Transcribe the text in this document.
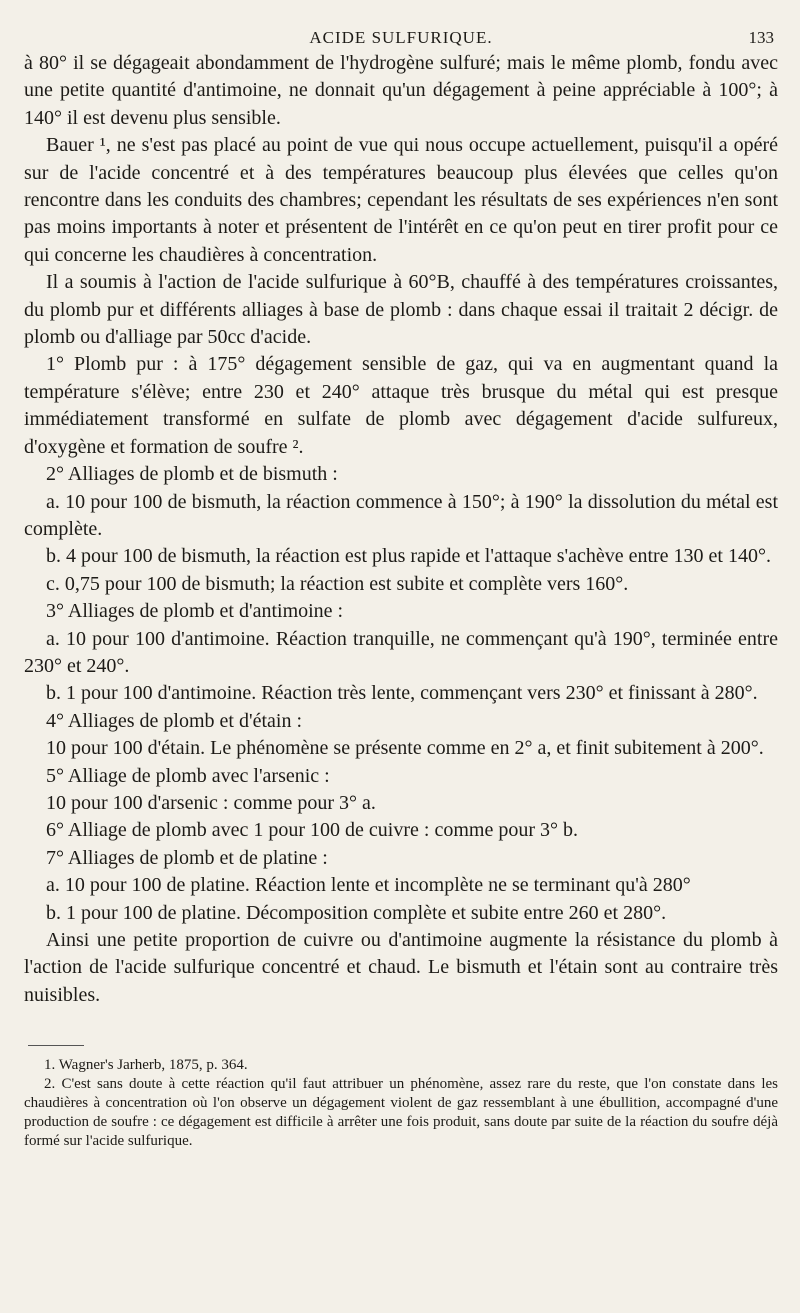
ACIDE SULFURIQUE.	133

à 80° il se dégageait abondamment de l'hydrogène sulfuré; mais le même plomb, fondu avec une petite quantité d'antimoine, ne donnait qu'un dégagement à peine appréciable à 100°; à 140° il est devenu plus sensible.

Bauer ¹, ne s'est pas placé au point de vue qui nous occupe actuellement, puisqu'il a opéré sur de l'acide concentré et à des températures beaucoup plus élevées que celles qu'on rencontre dans les conduits des chambres; cependant les résultats de ses expériences n'en sont pas moins importants à noter et présentent de l'intérêt en ce qu'on peut en tirer profit pour ce qui concerne les chaudières à concentration.

Il a soumis à l'action de l'acide sulfurique à 60°B, chauffé à des températures croissantes, du plomb pur et différents alliages à base de plomb : dans chaque essai il traitait 2 décigr. de plomb ou d'alliage par 50cc d'acide.

1° Plomb pur : à 175° dégagement sensible de gaz, qui va en augmentant quand la température s'élève; entre 230 et 240° attaque très brusque du métal qui est presque immédiatement transformé en sulfate de plomb avec dégagement d'acide sulfureux, d'oxygène et formation de soufre ².

2° Alliages de plomb et de bismuth :

a. 10 pour 100 de bismuth, la réaction commence à 150°; à 190° la dissolution du métal est complète.

b. 4 pour 100 de bismuth, la réaction est plus rapide et l'attaque s'achève entre 130 et 140°.

c. 0,75 pour 100 de bismuth; la réaction est subite et complète vers 160°.

3° Alliages de plomb et d'antimoine :

a. 10 pour 100 d'antimoine. Réaction tranquille, ne commençant qu'à 190°, terminée entre 230° et 240°.

b. 1 pour 100 d'antimoine. Réaction très lente, commençant vers 230° et finissant à 280°.

4° Alliages de plomb et d'étain :

10 pour 100 d'étain. Le phénomène se présente comme en 2° a, et finit subitement à 200°.

5° Alliage de plomb avec l'arsenic :

10 pour 100 d'arsenic : comme pour 3° a.

6° Alliage de plomb avec 1 pour 100 de cuivre : comme pour 3° b.

7° Alliages de plomb et de platine :

a. 10 pour 100 de platine. Réaction lente et incomplète ne se terminant qu'à 280°

b. 1 pour 100 de platine. Décomposition complète et subite entre 260 et 280°.

Ainsi une petite proportion de cuivre ou d'antimoine augmente la résistance du plomb à l'action de l'acide sulfurique concentré et chaud. Le bismuth et l'étain sont au contraire très nuisibles.

1. Wagner's Jarherb, 1875, p. 364.

2. C'est sans doute à cette réaction qu'il faut attribuer un phénomène, assez rare du reste, que l'on constate dans les chaudières à concentration où l'on observe un dégagement violent de gaz ressemblant à une ébullition, accompagné d'une production de soufre : ce dégagement est difficile à arrêter une fois produit, sans doute par suite de la réaction du soufre déjà formé sur l'acide sulfurique.
